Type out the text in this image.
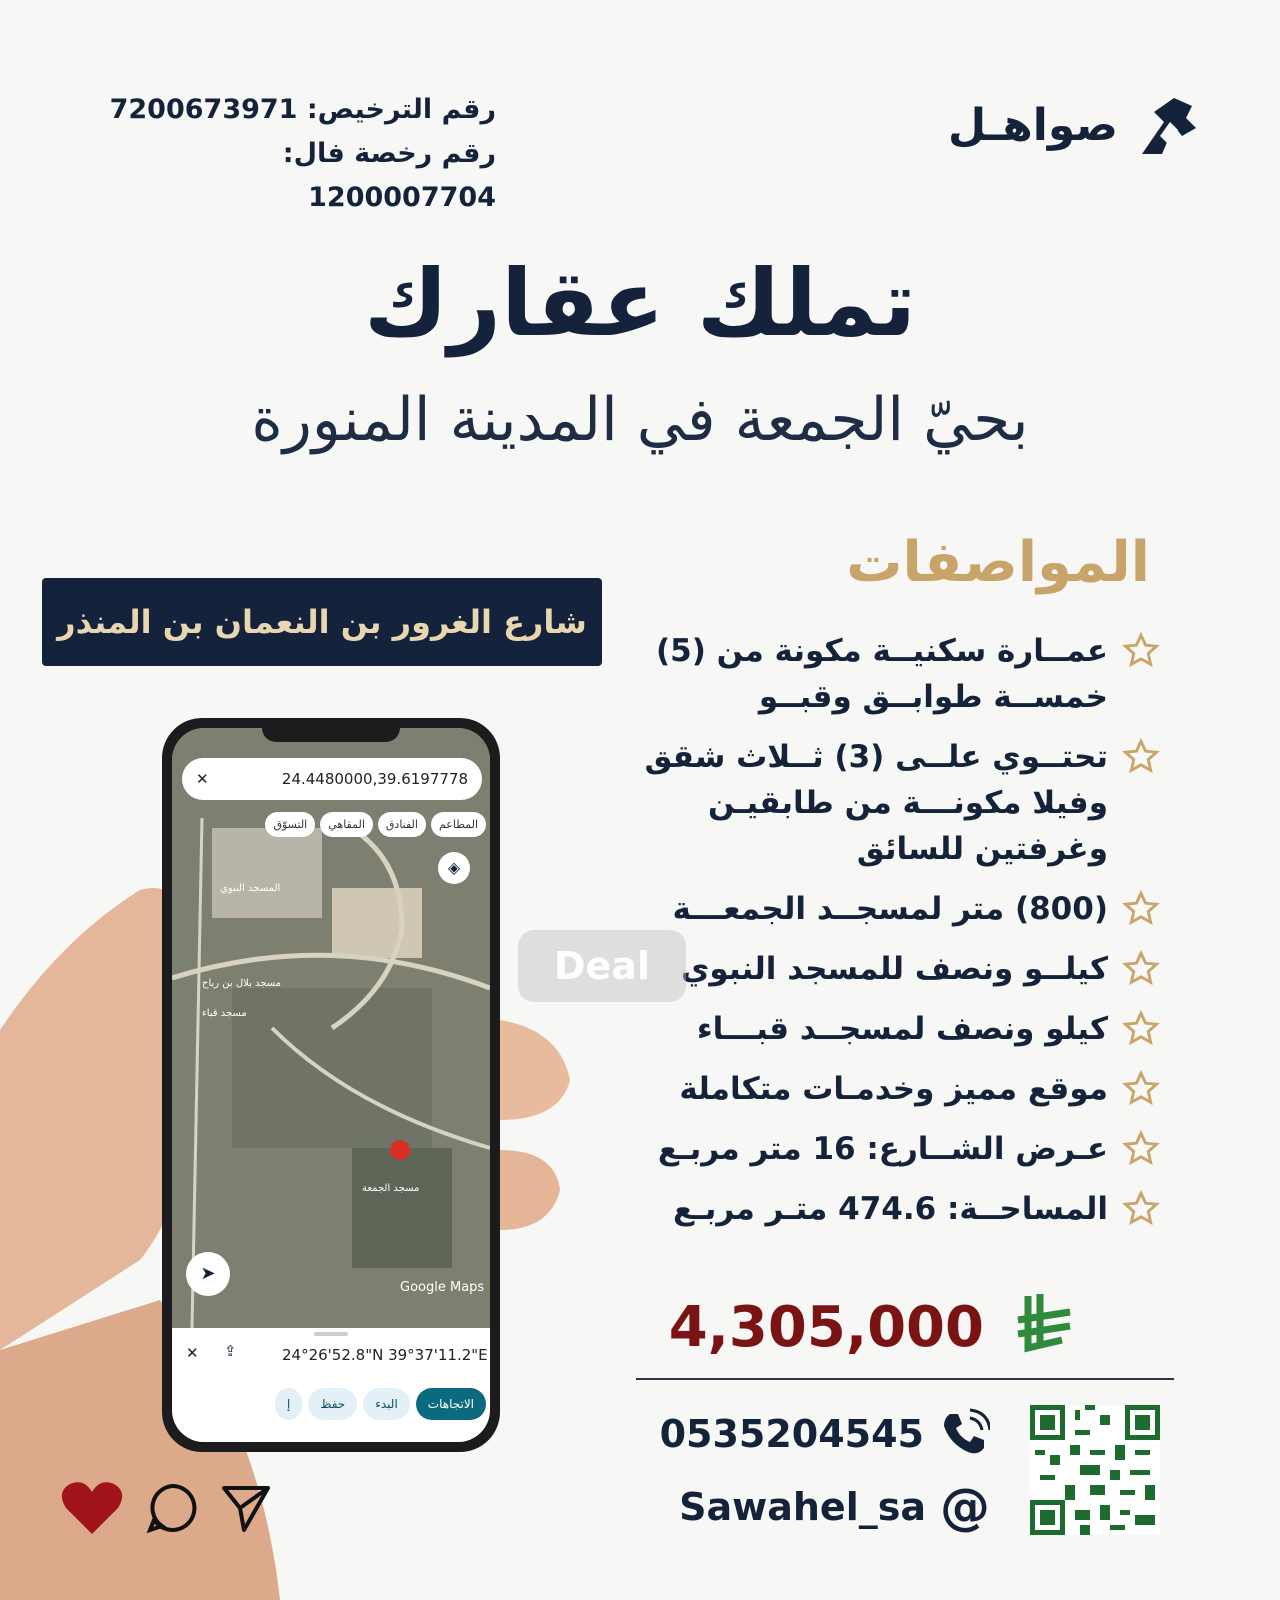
رقم الترخيص: 7200673971
رقم رخصة فال: 1200007704
صواهـل
تملك عقارك
بحيّ الجمعة في المدينة المنورة
المواصفات
عمــارة سكنيــة مكونة من (5) خمســة طوابــق وقبــو
تحتــوي علــى (3) ثــلاث شقق وفيلا مكونـــة من طابقيـن وغرفتين للسائق
(800) متر لمسجــد الجمعـــة
كيلــو ونصف للمسجد النبوي
كيلو ونصف لمسجــد قبـــاء
موقع مميز وخدمـات متكاملة
عـرض الشــارع: 16 متر مربـع
المساحــة: 474.6 متـر مربـع
شارع الغرور بن النعمان بن المنذر
المسجد النبوي
مسجد بلال بن رباح
مسجد قباء
مسجد الجمعة
Google Maps
✕	24.4480000,39.6197778
المطاعم
الفنادق
المقاهي
التسوّق
◈
➤
✕ ⇪	24°26'52.8"N 39°37'11.2"E
الاتجاهات
البدء
حفظ
إ
Deal
4,305,000
0535204545
Sawahel_sa @
